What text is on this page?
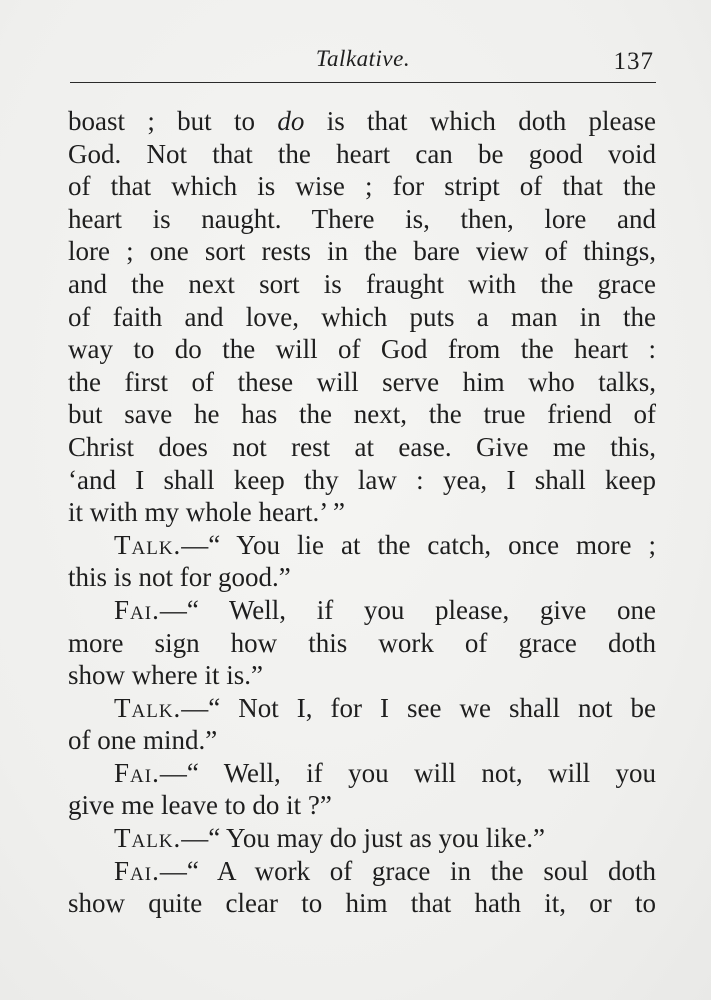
Talkative.	137
boast ; but to do is that which doth please
God. Not that the heart can be good void
of that which is wise ; for stript of that the
heart is naught. There is, then, lore and
lore ; one sort rests in the bare view of things,
and the next sort is fraught with the grace
of faith and love, which puts a man in the
way to do the will of God from the heart :
the first of these will serve him who talks,
but save he has the next, the true friend of
Christ does not rest at ease. Give me this,
‘and I shall keep thy law : yea, I shall keep
it with my whole heart.’ ”
Talk.—“ You lie at the catch, once more ;
this is not for good.”
Fai.—“ Well, if you please, give one
more sign how this work of grace doth
show where it is.”
Talk.—“ Not I, for I see we shall not be
of one mind.”
Fai.—“ Well, if you will not, will you
give me leave to do it ?”
Talk.—“ You may do just as you like.”
Fai.—“ A work of grace in the soul doth
show quite clear to him that hath it, or to
